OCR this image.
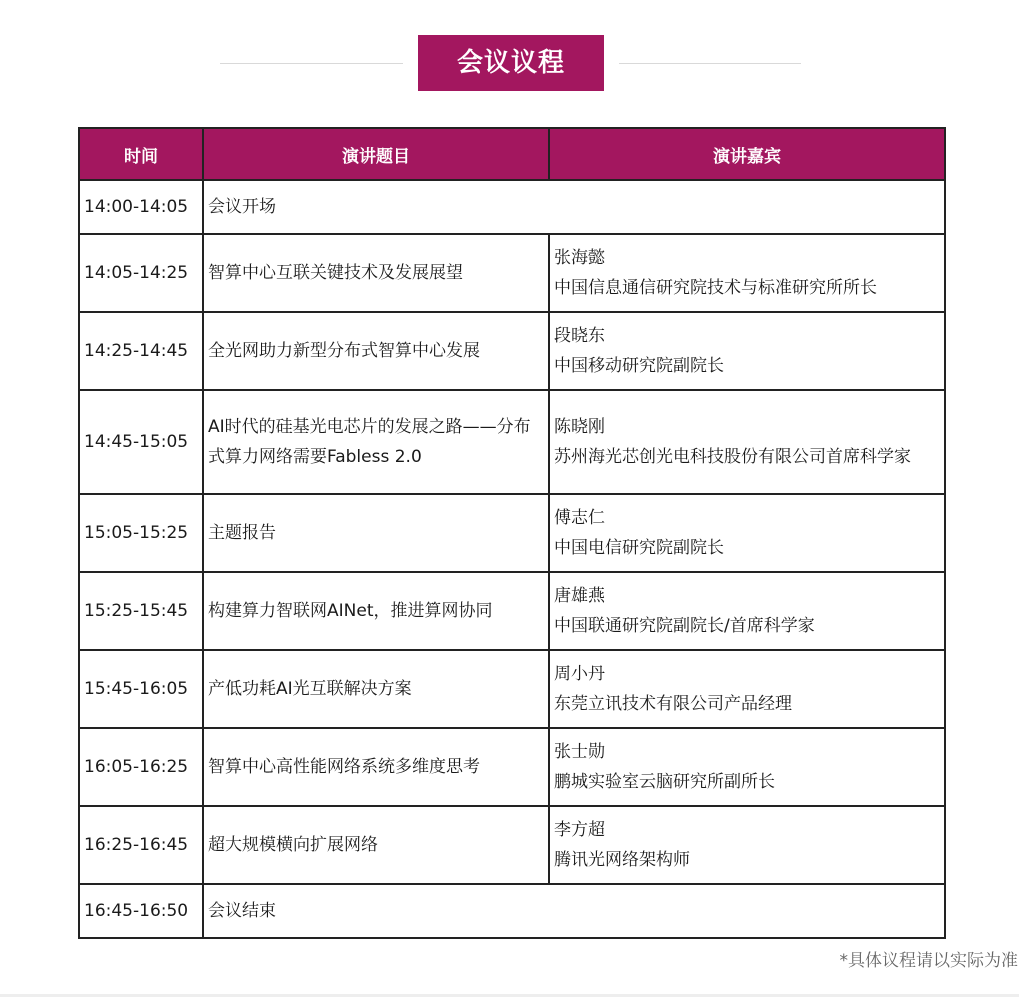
会议议程
时间	演讲题目	演讲嘉宾
14:00-14:05	会议开场	
14:05-14:25	智算中心互联关键技术及发展展望	张海懿
中国信息通信研究院技术与标准研究所所长

14:25-14:45	全光网助力新型分布式智算中心发展	段晓东
中国移动研究院副院长

14:45-15:05	AI时代的硅基光电芯片的发展之路——分布式算力网络需要Fabless 2.0	陈晓刚
苏州海光芯创光电科技股份有限公司首席科学家

15:05-15:25	主题报告	傅志仁
中国电信研究院副院长

15:25-15:45	构建算力智联网AINet，推进算网协同	唐雄燕
中国联通研究院副院长/首席科学家

15:45-16:05	产低功耗AI光互联解决方案	周小丹
东莞立讯技术有限公司产品经理

16:05-16:25	智算中心高性能网络系统多维度思考	张士勋
鹏城实验室云脑研究所副所长

16:25-16:45	超大规模横向扩展网络	李方超
腾讯光网络架构师

16:45-16:50	会议结束	
*具体议程请以实际为准
